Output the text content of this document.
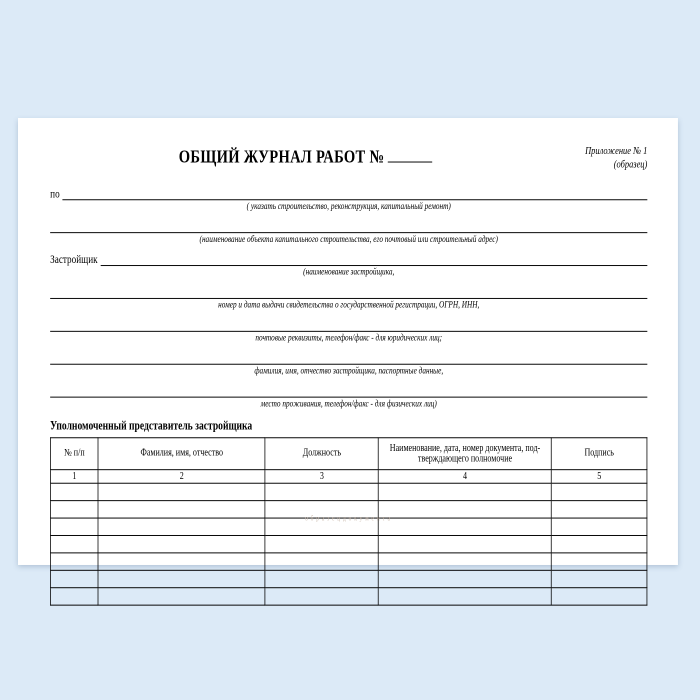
ОБЩИЙ ЖУРНАЛ РАБОТ №	Приложение № 1
(образец)
по
( указать строительство, реконструкция, капитальный ремонт)
(наименование объекта капитального строительства, его почтовый или строительный адрес)
Застройщик
(наименование застройщика,
номер и дата выдачи свидетельства о государственной регистрации, ОГРН, ИНН,
почтовые реквизиты, телефон/факс - для юридических лиц;
фамилия, имя, отчество застройщика, паспортные данные,
место проживания, телефон/факс - для физических лиц)
Уполномоченный представитель застройщика
№ п/п	Фамилия, имя, отчество	Должность	Наименование, дата, номер документа, под-тверждающего полномочие	Подпись
1	2	3	4	5

о б р а з е ц д о к у м е н т а
